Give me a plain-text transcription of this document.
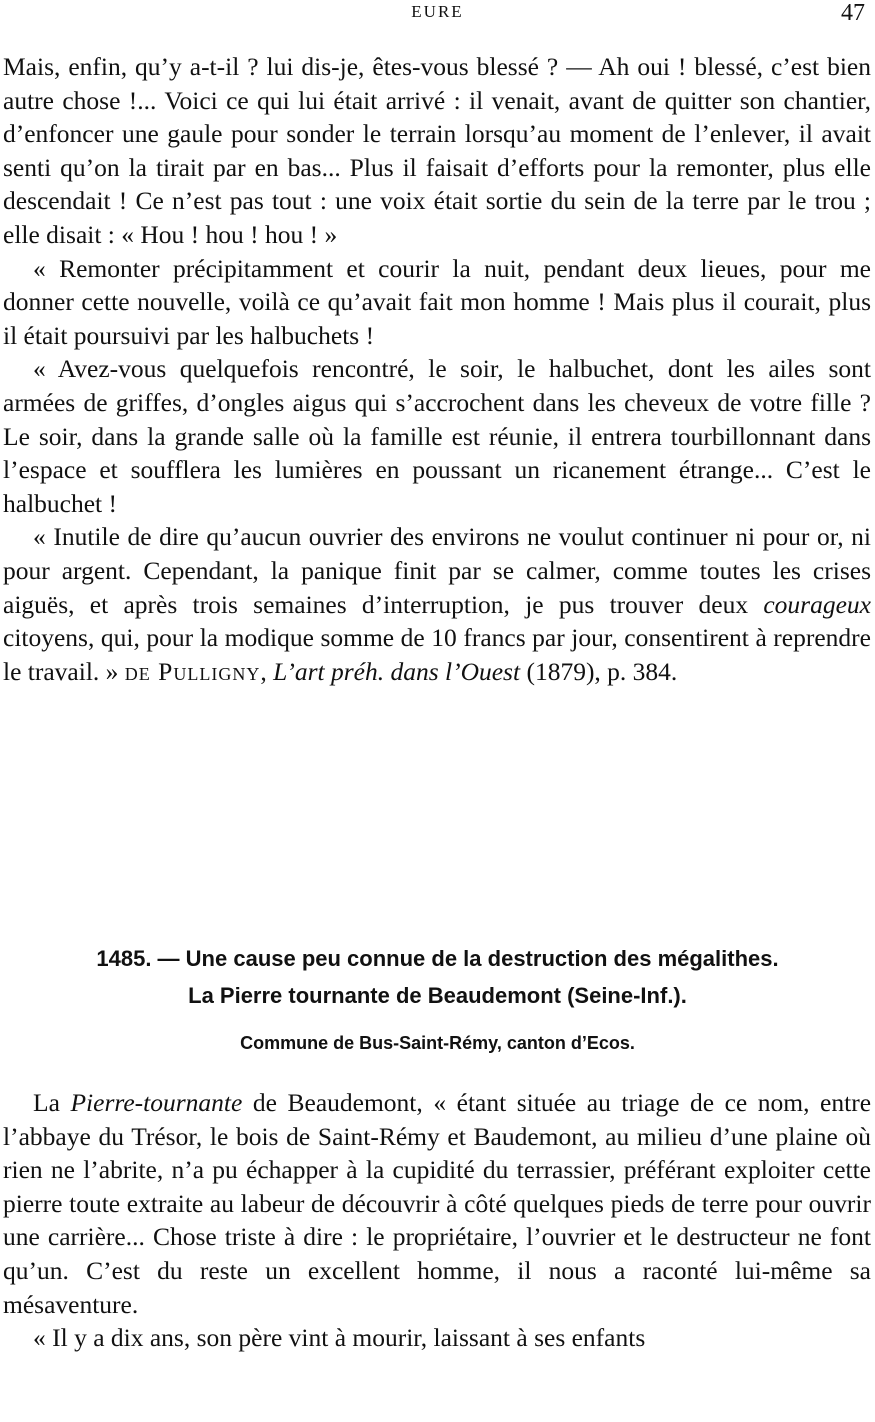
EURE	47

Mais, enfin, qu’y a-t-il ? lui dis-je, êtes-vous blessé ? — Ah oui ! blessé, c’est bien autre chose !... Voici ce qui lui était arrivé : il venait, avant de quitter son chantier, d’enfoncer une gaule pour sonder le terrain lorsqu’au moment de l’enlever, il avait senti qu’on la tirait par en bas... Plus il faisait d’efforts pour la remonter, plus elle descendait ! Ce n’est pas tout : une voix était sortie du sein de la terre par le trou ; elle disait : « Hou ! hou ! hou ! »

« Remonter précipitamment et courir la nuit, pendant deux lieues, pour me donner cette nouvelle, voilà ce qu’avait fait mon homme ! Mais plus il courait, plus il était poursuivi par les halbuchets !

« Avez-vous quelquefois rencontré, le soir, le halbuchet, dont les ailes sont armées de griffes, d’ongles aigus qui s’accrochent dans les cheveux de votre fille ? Le soir, dans la grande salle où la famille est réunie, il entrera tourbillonnant dans l’espace et soufflera les lumières en poussant un ricanement étrange... C’est le halbuchet !

« Inutile de dire qu’aucun ouvrier des environs ne voulut continuer ni pour or, ni pour argent. Cependant, la panique finit par se calmer, comme toutes les crises aiguës, et après trois semaines d’interruption, je pus trouver deux courageux citoyens, qui, pour la modique somme de 10 francs par jour, consentirent à reprendre le travail. » de Pulligny, L’art préh. dans l’Ouest (1879), p. 384.

1485. — Une cause peu connue de la destruction des mégalithes.
La Pierre tournante de Beaudemont (Seine-Inf.).
Commune de Bus-Saint-Rémy, canton d’Ecos.

La Pierre-tournante de Beaudemont, « étant située au triage de ce nom, entre l’abbaye du Trésor, le bois de Saint-Rémy et Baudemont, au milieu d’une plaine où rien ne l’abrite, n’a pu échapper à la cupidité du terrassier, préférant exploiter cette pierre toute extraite au labeur de découvrir à côté quelques pieds de terre pour ouvrir une carrière... Chose triste à dire : le propriétaire, l’ouvrier et le destructeur ne font qu’un. C’est du reste un excellent homme, il nous a raconté lui-même sa mésaventure.

« Il y a dix ans, son père vint à mourir, laissant à ses enfants
